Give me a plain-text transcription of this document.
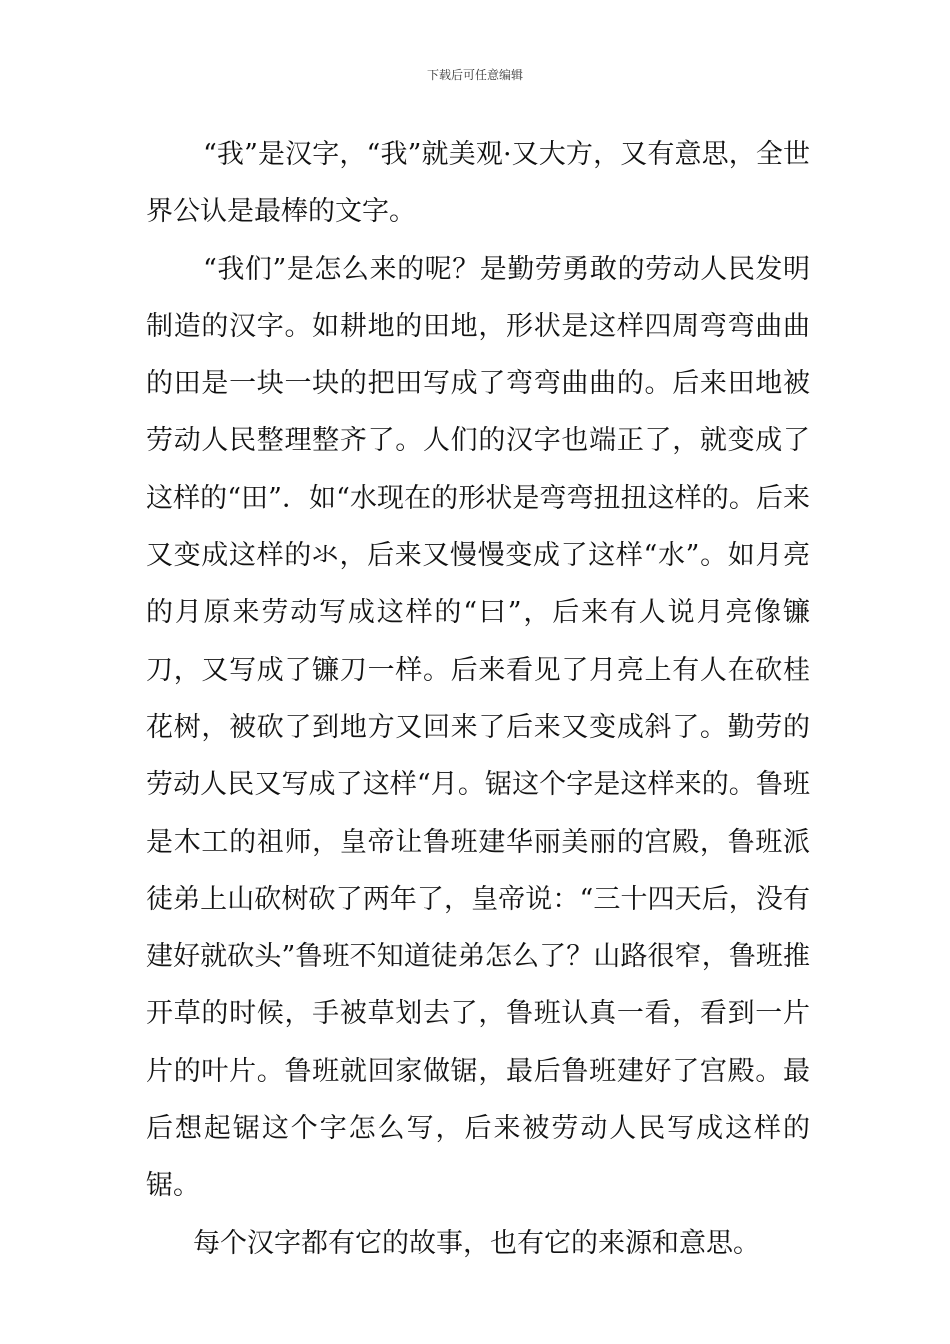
下载后可任意编辑

“我”是汉字，“我”就美观·又大方，又有意思，全世界公认是最棒的文字。

“我们”是怎么来的呢？是勤劳勇敢的劳动人民发明制造的汉字。如耕地的田地，形状是这样四周弯弯曲曲的田是一块一块的把田写成了弯弯曲曲的。后来田地被劳动人民整理整齐了。人们的汉字也端正了，就变成了这样的“田”．如“水现在的形状是弯弯扭扭这样的。后来又变成这样的氺，后来又慢慢变成了这样“水”。如月亮的月原来劳动写成这样的“曰”，后来有人说月亮像镰刀，又写成了镰刀一样。后来看见了月亮上有人在砍桂花树，被砍了到地方又回来了后来又变成斜了。勤劳的劳动人民又写成了这样“月。锯这个字是这样来的。鲁班是木工的祖师，皇帝让鲁班建华丽美丽的宫殿，鲁班派徒弟上山砍树砍了两年了，皇帝说：“三十四天后，没有建好就砍头”鲁班不知道徒弟怎么了？山路很窄，鲁班推开草的时候，手被草划去了，鲁班认真一看，看到一片片的叶片。鲁班就回家做锯，最后鲁班建好了宫殿。最后想起锯这个字怎么写，后来被劳动人民写成这样的锯。

每个汉字都有它的故事，也有它的来源和意思。
